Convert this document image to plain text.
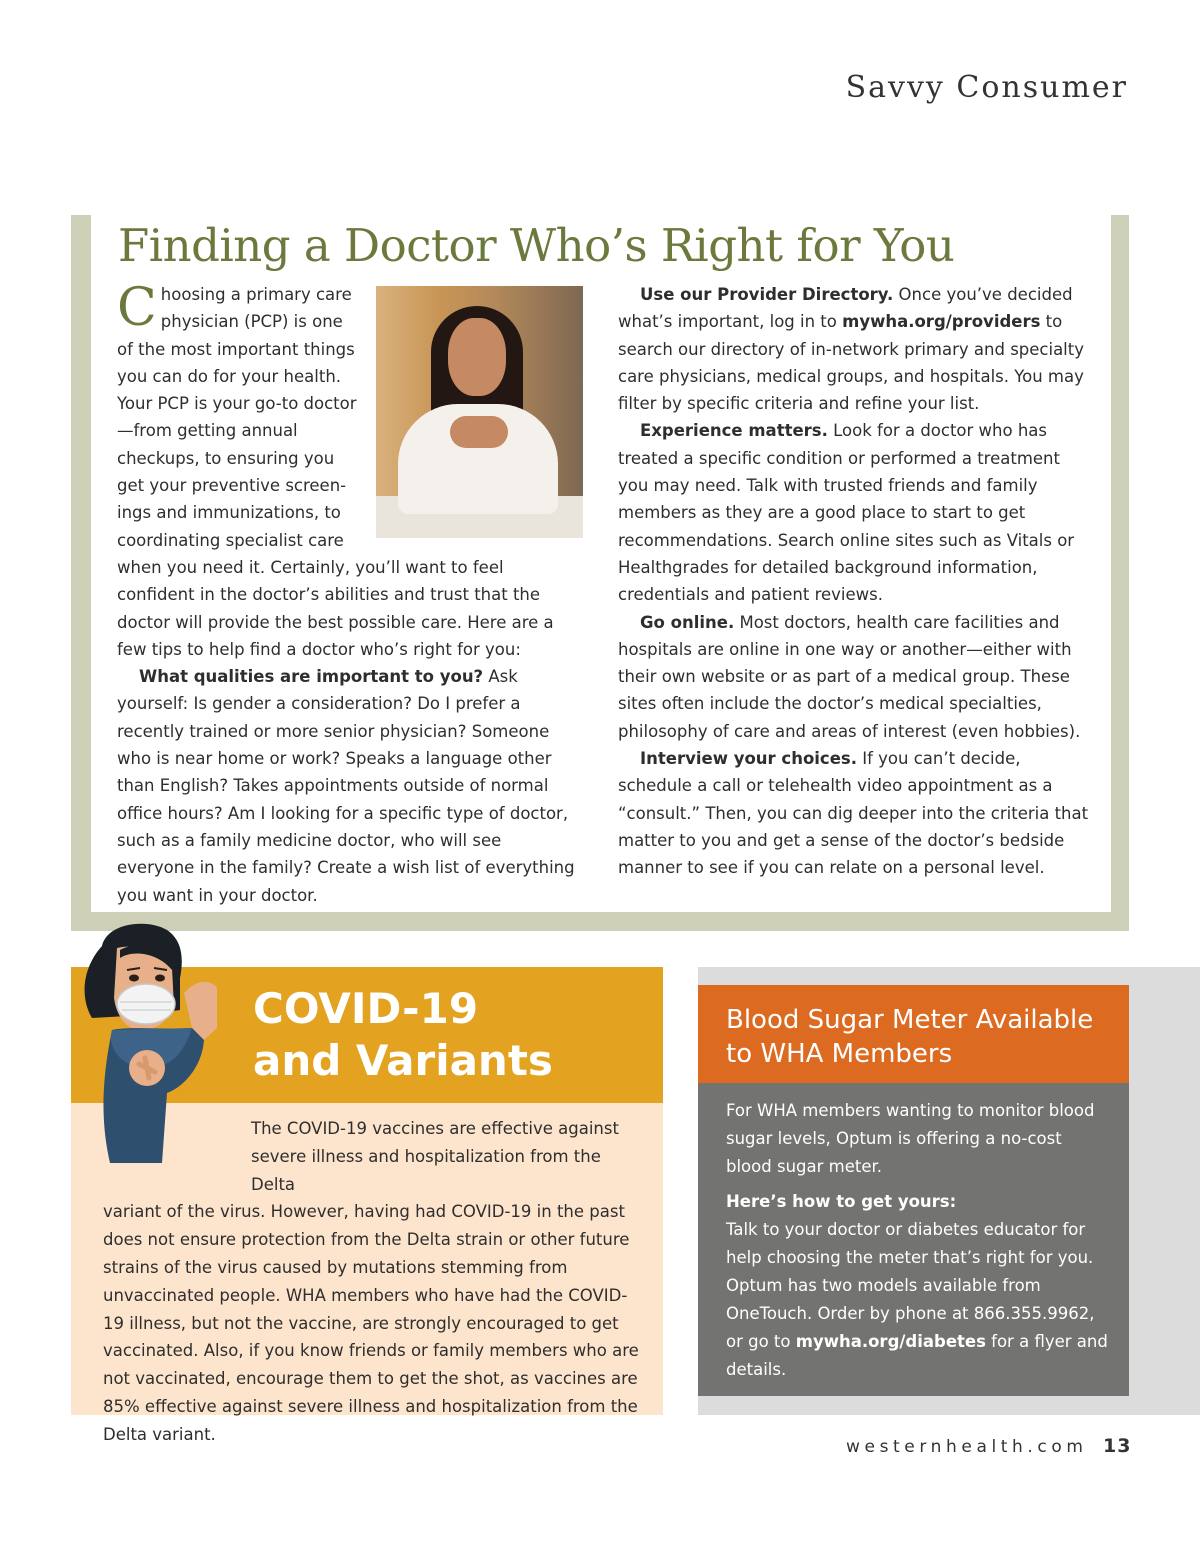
Savvy Consumer
Finding a Doctor Who’s Right for You

Choosing a primary care physician (PCP) is one of the most important things you can do for your health. Your PCP is your go-to doctor—from getting annual checkups, to ensuring you get your preventive screenings and immunizations, to coordinating specialist care when you need it. Certainly, you’ll want to feel confident in the doctor’s abilities and trust that the doctor will provide the best possible care. Here are a few tips to help find a doctor who’s right for you:

What qualities are important to you? Ask yourself: Is gender a consideration? Do I prefer a recently trained or more senior physician? Someone who is near home or work? Speaks a language other than English? Takes appointments outside of normal office hours? Am I looking for a specific type of doctor, such as a family medicine doctor, who will see everyone in the family? Create a wish list of everything you want in your doctor.

Use our Provider Directory. Once you’ve decided what’s important, log in to mywha.org/providers to search our directory of in-network primary and specialty care physicians, medical groups, and hospitals. You may filter by specific criteria and refine your list.

Experience matters. Look for a doctor who has treated a specific condition or performed a treatment you may need. Talk with trusted friends and family members as they are a good place to start to get recommendations. Search online sites such as Vitals or Healthgrades for detailed background information, credentials and patient reviews.

Go online. Most doctors, health care facilities and hospitals are online in one way or another—either with their own website or as part of a medical group. These sites often include the doctor’s medical specialties, philosophy of care and areas of interest (even hobbies).

Interview your choices. If you can’t decide, schedule a call or telehealth video appointment as a “consult.” Then, you can dig deeper into the criteria that matter to you and get a sense of the doctor’s bedside manner to see if you can relate on a personal level.

COVID-19
and Variants
The COVID-19 vaccines are effective against severe illness and hospitalization from the Delta
variant of the virus. However, having had COVID-19 in the past does not ensure protection from the Delta strain or other future strains of the virus caused by mutations stemming from unvaccinated people. WHA members who have had the COVID-19 illness, but not the vaccine, are strongly encouraged to get vaccinated. Also, if you know friends or family members who are not vaccinated, encourage them to get the shot, as vaccines are 85% effective against severe illness and hospitalization from the Delta variant.
Blood Sugar Meter Available
to WHA Members

For WHA members wanting to monitor blood sugar levels, Optum is offering a no-cost blood sugar meter.

Here’s how to get yours:

Talk to your doctor or diabetes educator for help choosing the meter that’s right for you. Optum has two models available from OneTouch. Order by phone at 866.355.9962, or go to mywha.org/diabetes for a flyer and details.

westernhealth.com 13
